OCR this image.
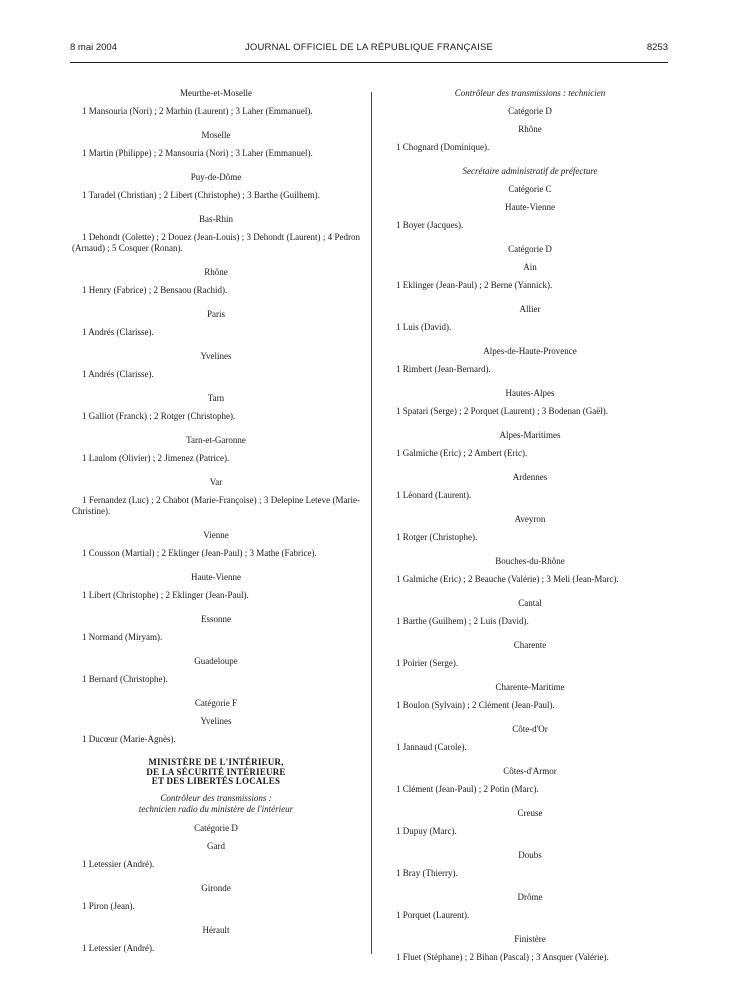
8 mai 2004	JOURNAL OFFICIEL DE LA RÉPUBLIQUE FRANÇAISE	8253
Meurthe-et-Moselle
1 Mansouria (Nori) ; 2 Marhin (Laurent) ; 3 Laher (Emmanuel).
Moselle
1 Martin (Philippe) ; 2 Mansouria (Nori) ; 3 Laher (Emmanuel).
Puy-de-Dôme
1 Taradel (Christian) ; 2 Libert (Christophe) ; 3 Barthe (Guilhem).
Bas-Rhin
1 Dehondt (Colette) ; 2 Douez (Jean-Louis) ; 3 Dehondt (Laurent) ; 4 Pedron (Arnaud) ; 5 Cosquer (Ronan).
Rhône
1 Henry (Fabrice) ; 2 Bensaou (Rachid).
Paris
1 Andrés (Clarisse).
Yvelines
1 Andrés (Clarisse).
Tarn
1 Galliot (Franck) ; 2 Rotger (Christophe).
Tarn-et-Garonne
1 Laulom (Olivier) ; 2 Jimenez (Patrice).
Var
1 Fernandez (Luc) ; 2 Chabot (Marie-Françoise) ; 3 Delepine Leteve (Marie-Christine).
Vienne
1 Cousson (Martial) ; 2 Eklinger (Jean-Paul) ; 3 Mathe (Fabrice).
Haute-Vienne
1 Libert (Christophe) ; 2 Eklinger (Jean-Paul).
Essonne
1 Normand (Miryam).
Guadeloupe
1 Bernard (Christophe).
Catégorie F
Yvelines
1 Ducœur (Marie-Agnès).
MINISTÈRE DE L'INTÉRIEUR,
DE LA SÉCURITÉ INTÉRIEURE
ET DES LIBERTÉS LOCALES
Contrôleur des transmissions :
technicien radio du ministère de l'intérieur
Catégorie D
Gard
1 Letessier (André).
Gironde
1 Piron (Jean).
Hérault
1 Letessier (André).
Contrôleur des transmissions : technicien
Catégorie D
Rhône
1 Chognard (Dominique).
Secrétaire administratif de préfecture
Catégorie C
Haute-Vienne
1 Boyer (Jacques).
Catégorie D
Ain
1 Eklinger (Jean-Paul) ; 2 Berne (Yannick).
Allier
1 Luis (David).
Alpes-de-Haute-Provence
1 Rimbert (Jean-Bernard).
Hautes-Alpes
1 Spatari (Serge) ; 2 Porquet (Laurent) ; 3 Bodenan (Gaël).
Alpes-Maritimes
1 Galmiche (Eric) ; 2 Ambert (Eric).
Ardennes
1 Léonard (Laurent).
Aveyron
1 Rotger (Christophe).
Bouches-du-Rhône
1 Galmiche (Eric) ; 2 Beauche (Valérie) ; 3 Meli (Jean-Marc).
Cantal
1 Barthe (Guilhem) ; 2 Luis (David).
Charente
1 Poirier (Serge).
Charente-Maritime
1 Boulon (Sylvain) ; 2 Clément (Jean-Paul).
Côte-d'Or
1 Jannaud (Carole).
Côtes-d'Armor
1 Clément (Jean-Paul) ; 2 Potin (Marc).
Creuse
1 Dupuy (Marc).
Doubs
1 Bray (Thierry).
Drôme
1 Porquet (Laurent).
Finistère
1 Fluet (Stéphane) ; 2 Bihan (Pascal) ; 3 Ansquer (Valérie).
